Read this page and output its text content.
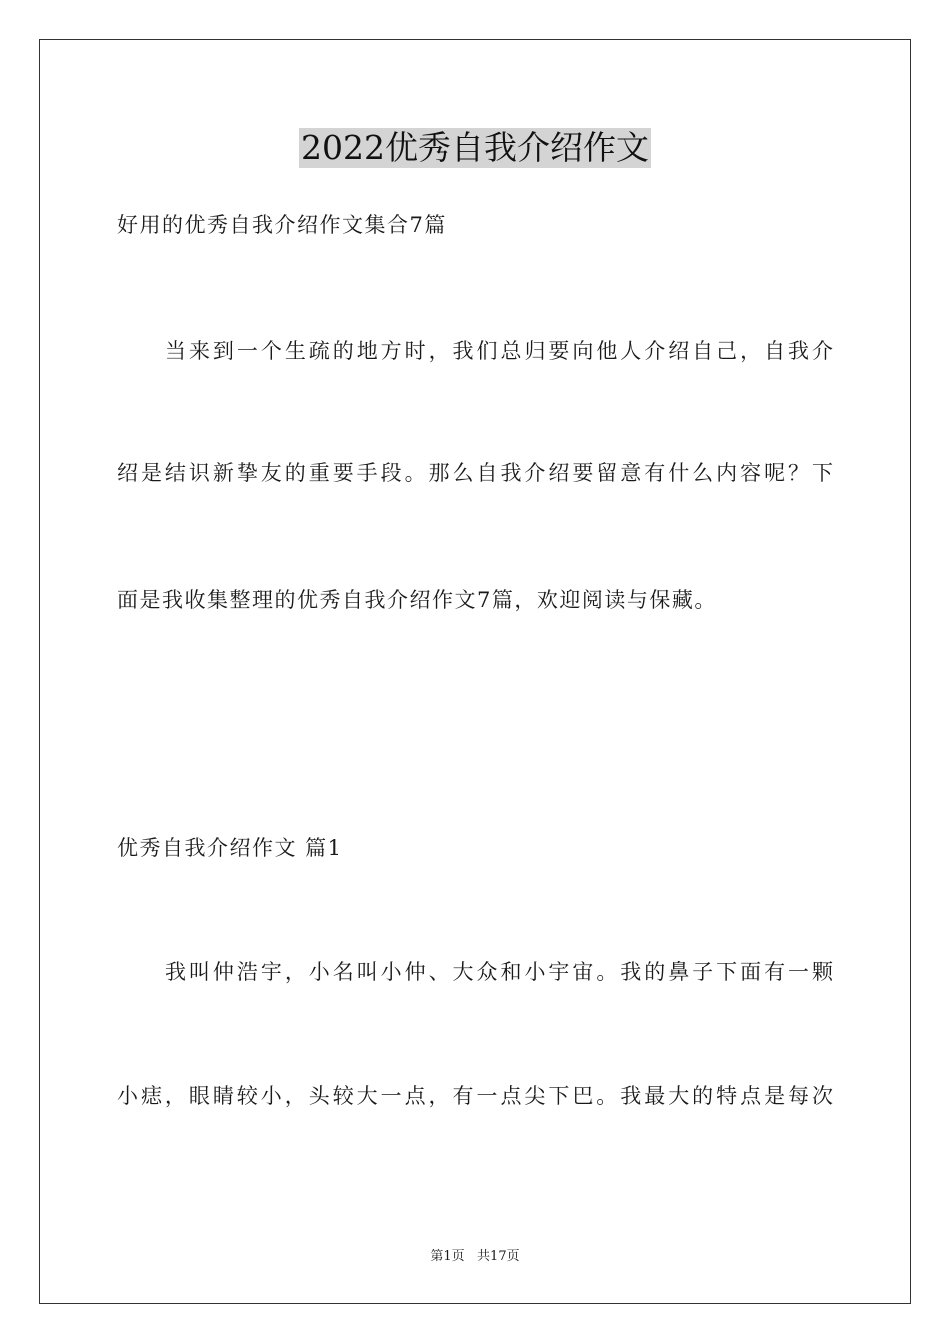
2022优秀自我介绍作文
好用的优秀自我介绍作文集合7篇
当来到一个生疏的地方时，我们总归要向他人介绍自己，自我介
绍是结识新挚友的重要手段。那么自我介绍要留意有什么内容呢？下
面是我收集整理的优秀自我介绍作文7篇，欢迎阅读与保藏。
优秀自我介绍作文 篇1
我叫仲浩宇，小名叫小仲、大众和小宇宙。我的鼻子下面有一颗
小痣，眼睛较小，头较大一点，有一点尖下巴。我最大的特点是每次
第1页   共17页
